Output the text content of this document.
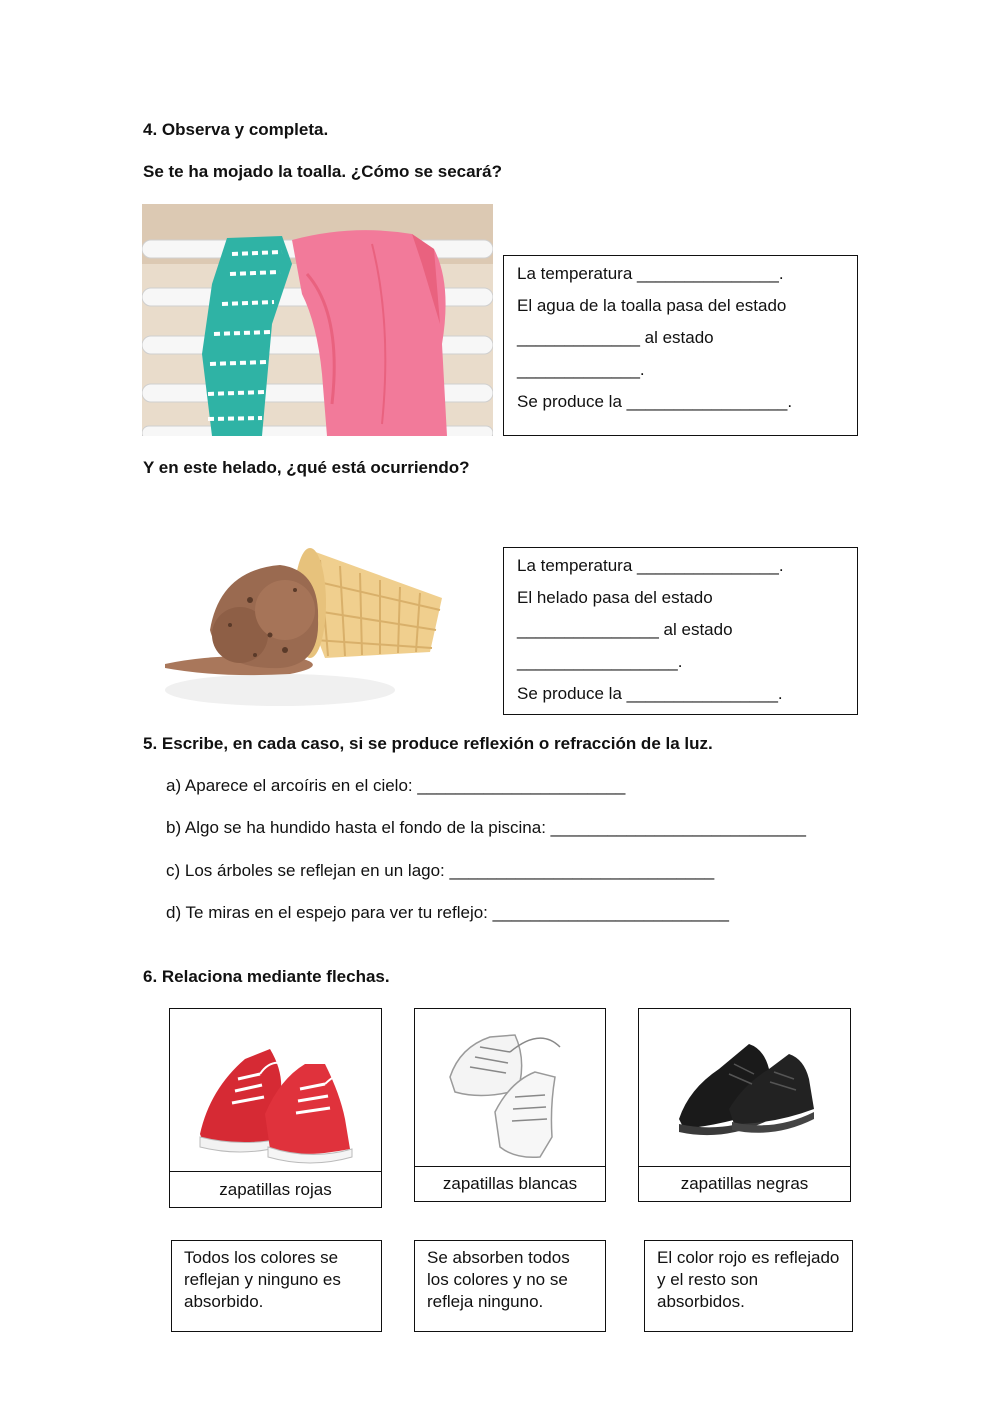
4. Observa y completa.
Se te ha mojado la toalla. ¿Cómo se secará?
La temperatura _______________.
El agua de la toalla pasa del estado
_____________ al estado
_____________.
Se produce la _________________.
Y en este helado, ¿qué está ocurriendo?
La temperatura _______________.
El helado pasa del estado
_______________ al estado
_________________.
Se produce la ________________.
5. Escribe, en cada caso, si se produce reflexión o refracción de la luz.
a) Aparece el arcoíris en el cielo: ______________________
b) Algo se ha hundido hasta el fondo de la piscina: ___________________________
c) Los árboles se reflejan en un lago: ____________________________
d) Te miras en el espejo para ver tu reflejo: _________________________
6. Relaciona mediante flechas.
zapatillas rojas	zapatillas blancas	zapatillas negras
Todos los colores se reflejan y ninguno es absorbido.
Se absorben todos los colores y no se refleja ninguno.
El color rojo es reflejado y el resto son absorbidos.
